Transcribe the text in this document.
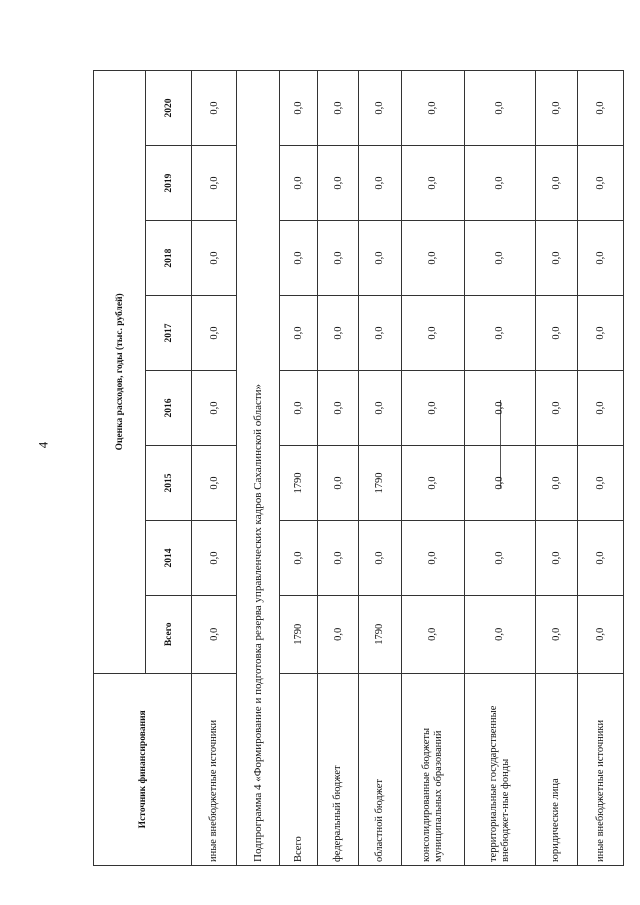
4
Источник финансирования	Оценка расходов, годы (тыс. рублей)							
	Всего	2014	2015	2016	2017	2018	2019	2020
иные внебюджетные источники	0,0	0,0	0,0	0,0	0,0	0,0	0,0	0,0
Подпрограмма 4 «Формирование и подготовка резерва управленческих кадров Сахалинской области»								
Всего	1790	0,0	1790	0,0	0,0	0,0	0,0	0,0
федеральный бюджет	0,0	0,0	0,0	0,0	0,0	0,0	0,0	0,0
областной бюджет	1790	0,0	1790	0,0	0,0	0,0	0,0	0,0
консолидированные бюджеты муниципальных образований	0,0	0,0	0,0	0,0	0,0	0,0	0,0	0,0
территориальные государственные внебюджет-ные фонды	0,0	0,0	0,0	0,0	0,0	0,0	0,0	0,0
юридические лица	0,0	0,0	0,0	0,0	0,0	0,0	0,0	0,0
иные внебюджетные источники	0,0	0,0	0,0	0,0	0,0	0,0	0,0	0,0
